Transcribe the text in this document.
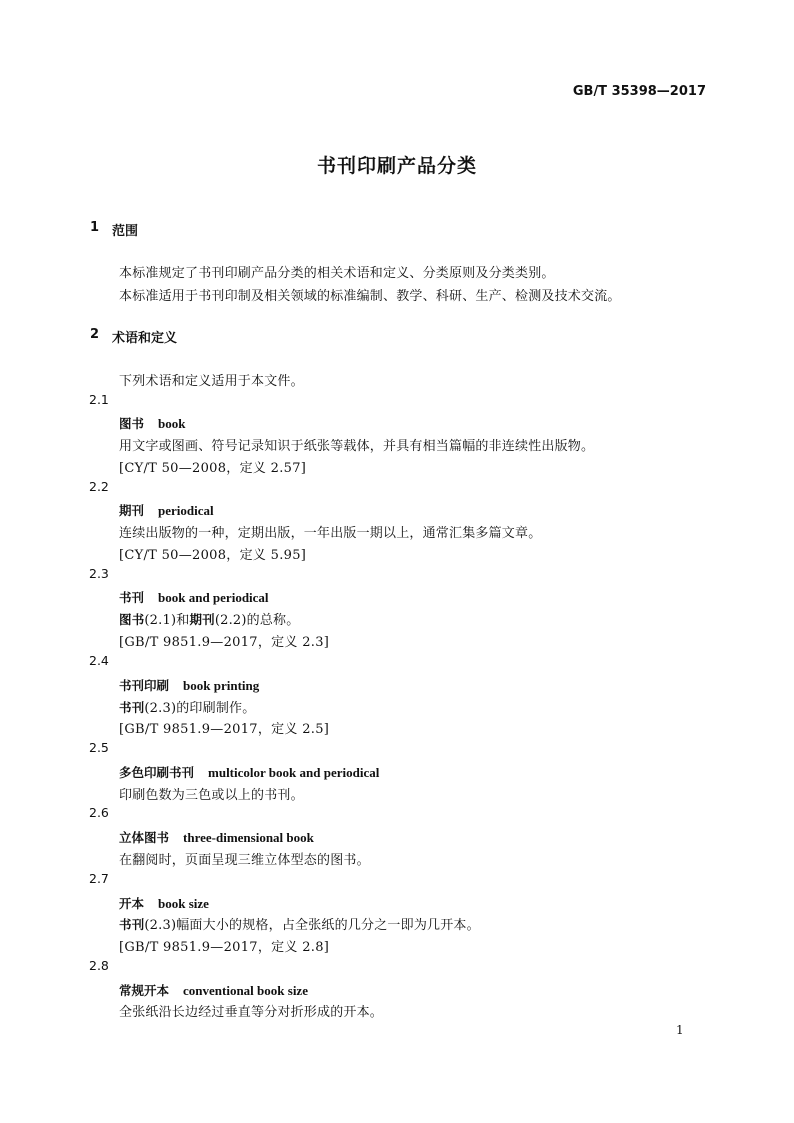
GB/T 35398—2017
书刊印刷产品分类
1 范围
本标准规定了书刊印刷产品分类的相关术语和定义、分类原则及分类类别。
本标准适用于书刊印制及相关领域的标准编制、教学、科研、生产、检测及技术交流。
2 术语和定义
下列术语和定义适用于本文件。
2.1
图书 book
用文字或图画、符号记录知识于纸张等载体，并具有相当篇幅的非连续性出版物。
[CY/T 50—2008，定义 2.57]
2.2
期刊 periodical
连续出版物的一种，定期出版，一年出版一期以上，通常汇集多篇文章。
[CY/T 50—2008，定义 5.95]
2.3
书刊 book and periodical
图书(2.1)和期刊(2.2)的总称。
[GB/T 9851.9—2017，定义 2.3]
2.4
书刊印刷 book printing
书刊(2.3)的印刷制作。
[GB/T 9851.9—2017，定义 2.5]
2.5
多色印刷书刊 multicolor book and periodical
印刷色数为三色或以上的书刊。
2.6
立体图书 three-dimensional book
在翻阅时，页面呈现三维立体型态的图书。
2.7
开本 book size
书刊(2.3)幅面大小的规格，占全张纸的几分之一即为几开本。
[GB/T 9851.9—2017，定义 2.8]
2.8
常规开本 conventional book size
全张纸沿长边经过垂直等分对折形成的开本。
1
